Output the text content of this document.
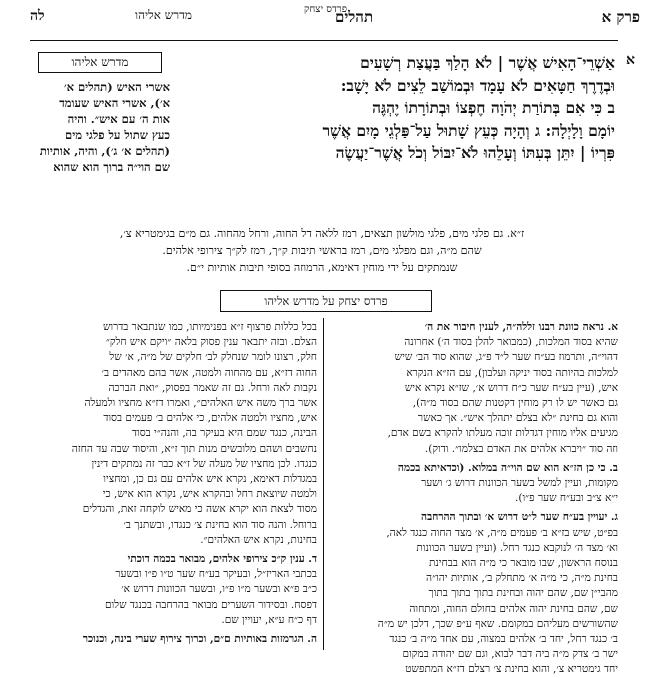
פרדס יצחק	פרק א
תהלים
מדרש אליהו
לה
א
אַשְׁרֵי־הָאִישׁ אֲשֶׁר | לֹא הָלַךְ בַּעֲצַת רְשָׁעִים
וּבְדֶרֶךְ חַטָּאִים לֹא עָמָד וּבְמוֹשַׁב לֵצִים לֹא יָשָׁב:
ב כִּי אִם בְּתוֹרַת יְהֹוָה חֶפְצוֹ וּבְתוֹרָתוֹ יֶהְגֶּה
יוֹמָם וָלָיְלָה: ג וְהָיָה כְּעֵץ שָׁתוּל עַל־פַּלְגֵי מָיִם אֲשֶׁר
פִּרְיוֹ | יִתֵּן בְּעִתּוֹ וְעָלֵהוּ לֹא־יִבּוֹל וְכֹל אֲשֶׁר־יַעֲשֶׂה
מדרש אליהו
אשרי האיש (תהלים א׳
א׳), אשרי האיש שעומד
אות ה׳ עם איש״. והיה
כעץ שתול על פלגי מים
(תהלים א׳ ג׳), והיה, אותיות
שם הוי״ה ברוך הוא שהוא
ז״א. גם פלגי מים, פלגי מולשון תצאים, רמז ללאה דל החוה, ורחל מהחוה. גם מ״ם בגימטריא צ׳,
שהם מ״ה, וגם מפלגי מים, רמז בראשי תיבות ק״ך, רמז לק״ך צירופי אלהים.
שנמתקים על ידי מוחין דאימא, הרמוזה בסופי תיבות אותיות י״ם.
פרדס יצחק על מדרש אליהו
א. נראה כוונת רבנו זללה״ה, לענין חיבור את ה׳
שהיא בסוד המלכות, (כמבואר להלן בסוד ה׳) אחרונה
דהוי״ה, ותרמוז בע״ח שער ל״ד פ״ג, שהוא סוד הב׳ שיש
למלכות בהיותה בסוד יניקה ועלבון), עם הז״א הנקרא
איש, (עיין בע״ח שער כ״ח דרוש א׳, שז״א נקרא איש
גם כאשר יש לו רק מוחין דקטנות שהם בסוד מ״ה),
והוא גם בחינת ״לא בצלם יתהלך איש״. אך כאשר
מגיעים אליו מוחין דגדלות זוכה מעלתו להקרא בשם אדם,
וזה סוד ״ויברא אלהים את האדם בצלמו״. ודוק).
ב. כי כן הז״א הוא שם הוי״ה במלוא. (וכדאיתא בכמה
מקומות, ועיין למשל בשער הכוונות דרוש ג׳ ושער
י״א צ״ב ובע״ח שער פ״ו).
ג. יעויין בע״ח שער ל״ט דרוש א׳ ובתוך ההרחבה
בפ״ט, שיש בז״א ב׳ פעמים מ״ה, א׳ מצד החוה כנגד לאה,
וא׳ מצד ה׳ לנוקבא כנגד רחל. (ועיין בשער הכוונות
בנוסח הראשון, שבו מובאר כי מ״ה הוא בבחינת
בחינת מ״ה, כי מ״ה א׳ מתחלק ב׳, אותיות יהו״ה
מהבי״ן שם, שהם יהוה ובחינת בתוך בתוך בתוך
שם, שהם בחינת יהוה אלהים בחולם החוה, ומתחוה
שהשורשים מעליהם במקומם. שאף ע״פ שכך, דלכן יש מ״ה
ב׳ כנגד רחל, יחד ב׳ אלהים במצוה, עם אחד מ״ה ב׳ כנגד
ישר ב׳ צדק מ״ה ביה דבר לבוא, וגם שם יהודה במקום
יחד גימטריא צ׳, והוא בחינת צ׳ רצלם דז״א המתפשט
בכל כללות פרצוף ז״א בפנימיותו, כמו שנתבאר בדרוש
הצלם. ובזה יתבאר ענין פסוק בלאה ״ויקם איש חלק״
חלק, רצונו לומר שנחלק לב׳ חלקים של מ״ה, א׳ של
החוה דז״א, עם מהחוה ולמטה, אשר בהם מאהדים ב׳
נקבות לאה ורחל. גם זה שאמר בפסוק, ״ואת הברכה
אשר ברך משה איש האלהים״, ואמרו דז״א מחציו ולמעלה
איש, מחציו ולמטה אלהים, כי אלהים ב׳ פעמים בסוד
הבינה, כנגד שמם היא בעיקר בה, והנה״י בסוד
נחשבים ושהם מלובשים מנות תוך ז״א, והיסוד שבה עד החזה
כנגדו. לכן מחציו של מעלה של ז״א כבר זה נמתקים דינין
במגדלות דאימא, נקרא איש אלהים עם גם כן, ומחציו
ולמטה שיוצאת רחל ובהקרא איש, נקרא הוא איש, כי
מסוד לצאת הוא יקרא אשה כי מאיש לוקחה זאת, והגדלים
ברוחל. והנה סוד הוא בחינת צ׳ כנגדו, ובשתנך ב׳
בחינות, נקרא איש האלהים״.
ד. ענין ק״כ צירופי אלהים, מבואר בכמה דוכתי
בכתבי האריז״ל, ובעיקר בע״ח שער ט״ו פ״ו ובשער
כ״ב פ״א ובשער מ״ו פ״ו, ובשער הכוונות דרוש א׳
דפסח. ובסידור השערים מבואר בהרחבה בכנגד שלום
דף כ״ח ע״א, יעויין שם.
ה. הגרמזות באותיות ם״ם, וכרוך צירוף שערי בינה, וכנוכר
